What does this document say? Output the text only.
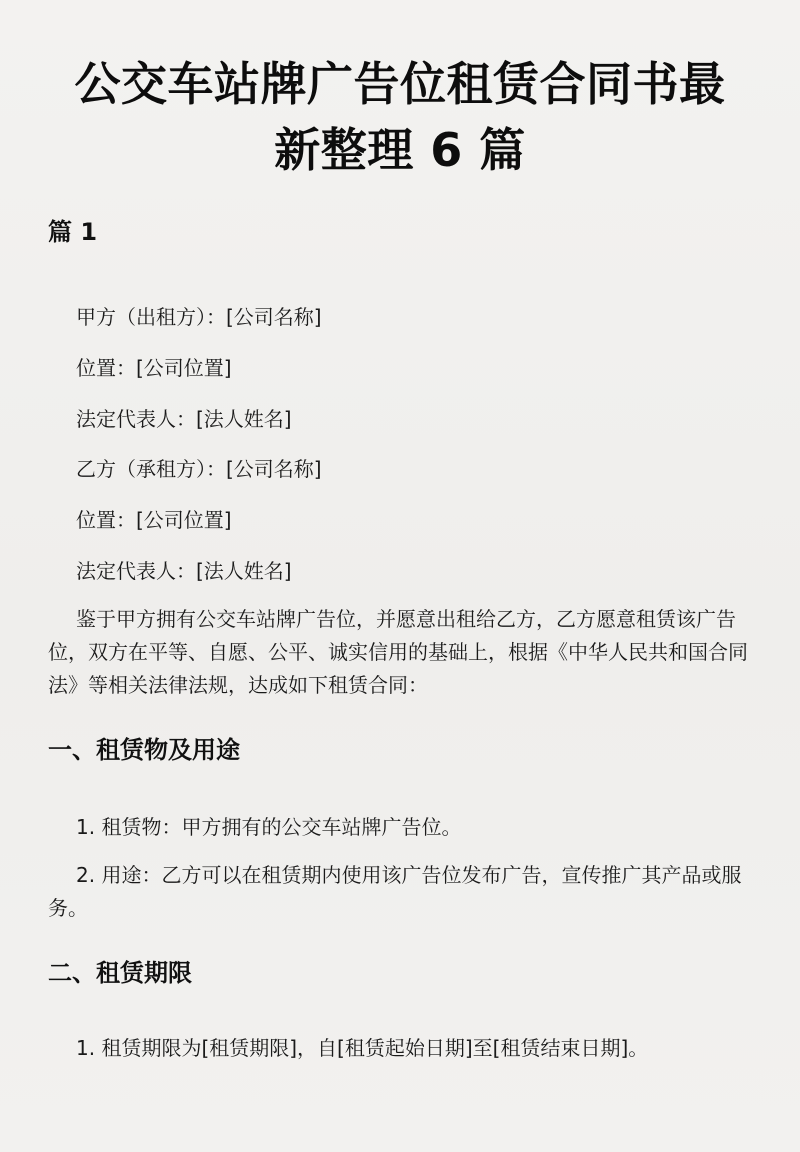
公交车站牌广告位租赁合同书最
新整理 6 篇
篇 1
甲方（出租方）：[公司名称]
位置：[公司位置]
法定代表人：[法人姓名]
乙方（承租方）：[公司名称]
位置：[公司位置]
法定代表人：[法人姓名]
鉴于甲方拥有公交车站牌广告位，并愿意出租给乙方，乙方愿意租赁该广告位，双方在平等、自愿、公平、诚实信用的基础上，根据《中华人民共和国合同法》等相关法律法规，达成如下租赁合同：
一、租赁物及用途
1. 租赁物：甲方拥有的公交车站牌广告位。
2. 用途：乙方可以在租赁期内使用该广告位发布广告，宣传推广其产品或服务。
二、租赁期限
1. 租赁期限为[租赁期限]，自[租赁起始日期]至[租赁结束日期]。
